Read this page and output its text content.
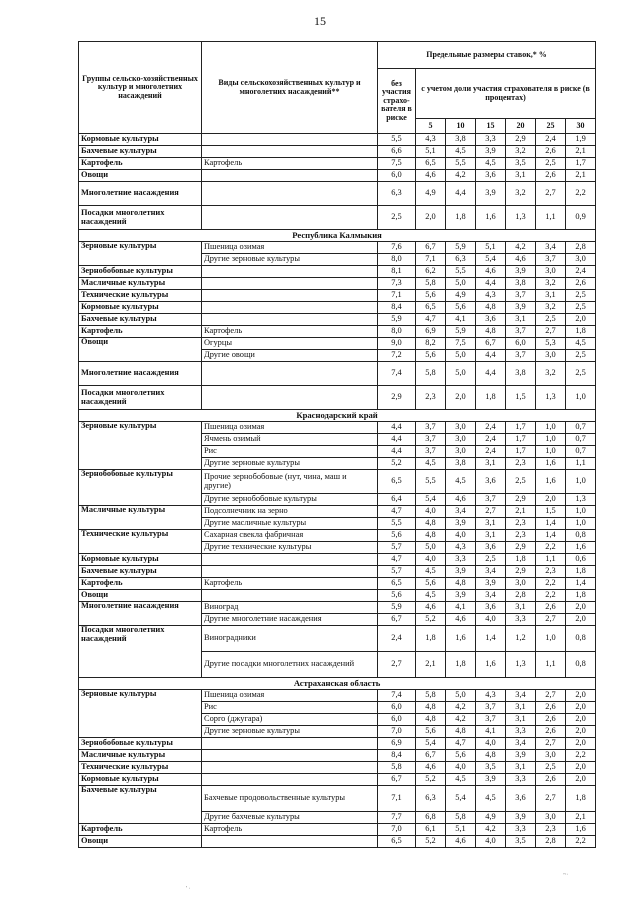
15
Группы сельско-хозяйственных культур и многолетних насаждений	Виды сельскохозяйственных культур и многолетних насаждений**	Предельные размеры ставок,* %						
		без участия страхо-вателя в риске	с учетом доли участия страхователя в риске (в процентах)					
			5	10	15	20	25	30
Кормовые культуры		5,5	4,3	3,8	3,3	2,9	2,4	1,9
Бахчевые культуры		6,6	5,1	4,5	3,9	3,2	2,6	2,1
Картофель	Картофель	7,5	6,5	5,5	4,5	3,5	2,5	1,7
Овощи		6,0	4,6	4,2	3,6	3,1	2,6	2,1
Многолетние насаждения		6,3	4,9	4,4	3,9	3,2	2,7	2,2
Посадки многолетних насаждений		2,5	2,0	1,8	1,6	1,3	1,1	0,9
Республика Калмыкия								
Зерновые культуры	Пшеница озимая	7,6	6,7	5,9	5,1	4,2	3,4	2,8
	Другие зерновые культуры	8,0	7,1	6,3	5,4	4,6	3,7	3,0
Зернобобовые культуры		8,1	6,2	5,5	4,6	3,9	3,0	2,4
Масличные культуры		7,3	5,8	5,0	4,4	3,8	3,2	2,6
Технические культуры		7,1	5,6	4,9	4,3	3,7	3,1	2,5
Кормовые культуры		8,4	6,5	5,6	4,8	3,9	3,2	2,5
Бахчевые культуры		5,9	4,7	4,1	3,6	3,1	2,5	2,0
Картофель	Картофель	8,0	6,9	5,9	4,8	3,7	2,7	1,8
Овощи	Огурцы	9,0	8,2	7,5	6,7	6,0	5,3	4,5
	Другие овощи	7,2	5,6	5,0	4,4	3,7	3,0	2,5
Многолетние насаждения		7,4	5,8	5,0	4,4	3,8	3,2	2,5
Посадки многолетних насаждений		2,9	2,3	2,0	1,8	1,5	1,3	1,0
Краснодарский край								
Зерновые культуры	Пшеница озимая	4,4	3,7	3,0	2,4	1,7	1,0	0,7
	Ячмень озимый	4,4	3,7	3,0	2,4	1,7	1,0	0,7
	Рис	4,4	3,7	3,0	2,4	1,7	1,0	0,7
	Другие зерновые культуры	5,2	4,5	3,8	3,1	2,3	1,6	1,1
Зернобобовые культуры	Прочие зернобобовые (нут, чина, маш и другие)	6,5	5,5	4,5	3,6	2,5	1,6	1,0
	Другие зернобобовые культуры	6,4	5,4	4,6	3,7	2,9	2,0	1,3
Масличные культуры	Подсолнечник на зерно	4,7	4,0	3,4	2,7	2,1	1,5	1,0
	Другие масличные культуры	5,5	4,8	3,9	3,1	2,3	1,4	1,0
Технические культуры	Сахарная свекла фабричная	5,6	4,8	4,0	3,1	2,3	1,4	0,8
	Другие технические культуры	5,7	5,0	4,3	3,6	2,9	2,2	1,6
Кормовые культуры		4,7	4,0	3,3	2,5	1,8	1,1	0,6
Бахчевые культуры		5,7	4,5	3,9	3,4	2,9	2,3	1,8
Картофель	Картофель	6,5	5,6	4,8	3,9	3,0	2,2	1,4
Овощи		5,6	4,5	3,9	3,4	2,8	2,2	1,8
Многолетние насаждения	Виноград	5,9	4,6	4,1	3,6	3,1	2,6	2,0
	Другие многолетние насаждения	6,7	5,2	4,6	4,0	3,3	2,7	2,0
Посадки многолетних насаждений	Виноградники	2,4	1,8	1,6	1,4	1,2	1,0	0,8
	Другие посадки многолетних насаждений	2,7	2,1	1,8	1,6	1,3	1,1	0,8
Астраханская область								
Зерновые культуры	Пшеница озимая	7,4	5,8	5,0	4,3	3,4	2,7	2,0
	Рис	6,0	4,8	4,2	3,7	3,1	2,6	2,0
	Сорго (джугара)	6,0	4,8	4,2	3,7	3,1	2,6	2,0
	Другие зерновые культуры	7,0	5,6	4,8	4,1	3,3	2,6	2,0
Зернобобовые культуры		6,9	5,4	4,7	4,0	3,4	2,7	2,0
Масличные культуры		8,4	6,7	5,6	4,8	3,9	3,0	2,2
Технические культуры		5,8	4,6	4,0	3,5	3,1	2,5	2,0
Кормовые культуры		6,7	5,2	4,5	3,9	3,3	2,6	2,0
Бахчевые культуры	Бахчевые продовольственные культуры	7,1	6,3	5,4	4,5	3,6	2,7	1,8
	Другие бахчевые культуры	7,7	6,8	5,8	4,9	3,9	3,0	2,1
Картофель	Картофель	7,0	6,1	5,1	4,2	3,3	2,3	1,6
Овощи		6,5	5,2	4,6	4,0	3,5	2,8	2,2
' ·
~·
